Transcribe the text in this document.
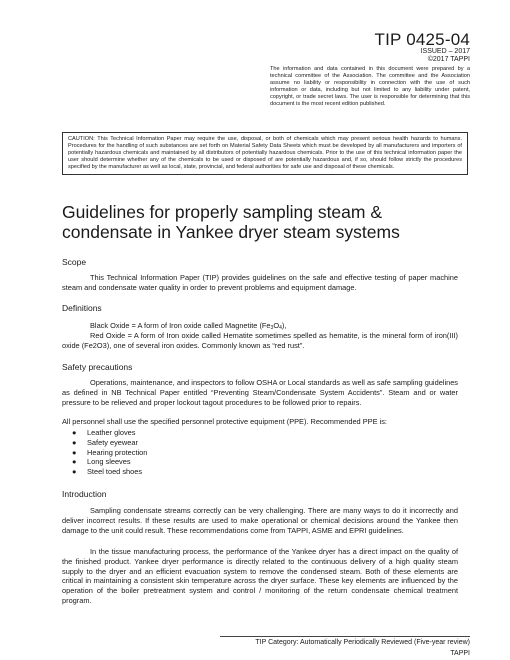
TIP 0425-04
ISSUED – 2017
©2017 TAPPI
The information and data contained in this document were prepared by a technical committee of the Association. The committee and the Association assume no liability or responsibility in connection with the use of such information or data, including but not limited to any liability under patent, copyright, or trade secret laws. The user is responsible for determining that this document is the most recent edition published.
CAUTION: This Technical Information Paper may require the use, disposal, or both of chemicals which may present serious health hazards to humans. Procedures for the handling of such substances are set forth on Material Safety Data Sheets which must be developed by all manufacturers and importers of potentially hazardous chemicals and maintained by all distributors of potentially hazardous chemicals. Prior to the use of this technical information paper the user should determine whether any of the chemicals to be used or disposed of are potentially hazardous and, if so, should follow strictly the procedures specified by the manufacturer as well as local, state, provincial, and federal authorities for safe use and disposal of these chemicals.
Guidelines for properly sampling steam & condensate in Yankee dryer steam systems
Scope
This Technical Information Paper (TIP) provides guidelines on the safe and effective testing of paper machine steam and condensate water quality in order to prevent problems and equipment damage.
Definitions
Black Oxide = A form of Iron oxide called Magnetite $(Fe_3O_4)$,
Red Oxide = A form of Iron oxide called Hematite sometimes spelled as hematite, is the mineral form of iron(III) oxide (Fe2O3), one of several iron oxides. Commonly known as “red rust”.
Safety precautions
Operations, maintenance, and inspectors to follow OSHA or Local standards as well as safe sampling guidelines as defined in NB Technical Paper entitled “Preventing Steam/Condensate System Accidents”. Steam and or water pressure to be relieved and proper lockout tagout procedures to be followed prior to repairs.
All personnel shall use the specified personnel protective equipment (PPE). Recommended PPE is:
● Leather gloves
● Safety eyewear
● Hearing protection
● Long sleeves
● Steel toed shoes
Introduction
Sampling condensate streams correctly can be very challenging. There are many ways to do it incorrectly and deliver incorrect results. If these results are used to make operational or chemical decisions around the Yankee then damage to the unit could result. These recommendations come from TAPPI, ASME and EPRI guidelines.
In the tissue manufacturing process, the performance of the Yankee dryer has a direct impact on the quality of the finished product. Yankee dryer performance is directly related to the continuous delivery of a high quality steam supply to the dryer and an efficient evacuation system to remove the condensed steam. Both of these elements are critical in maintaining a consistent skin temperature across the dryer surface. These key elements are influenced by the operation of the boiler pretreatment system and control / monitoring of the return condensate chemical treatment program.
TIP Category: Automatically Periodically Reviewed (Five-year review)
TAPPI
